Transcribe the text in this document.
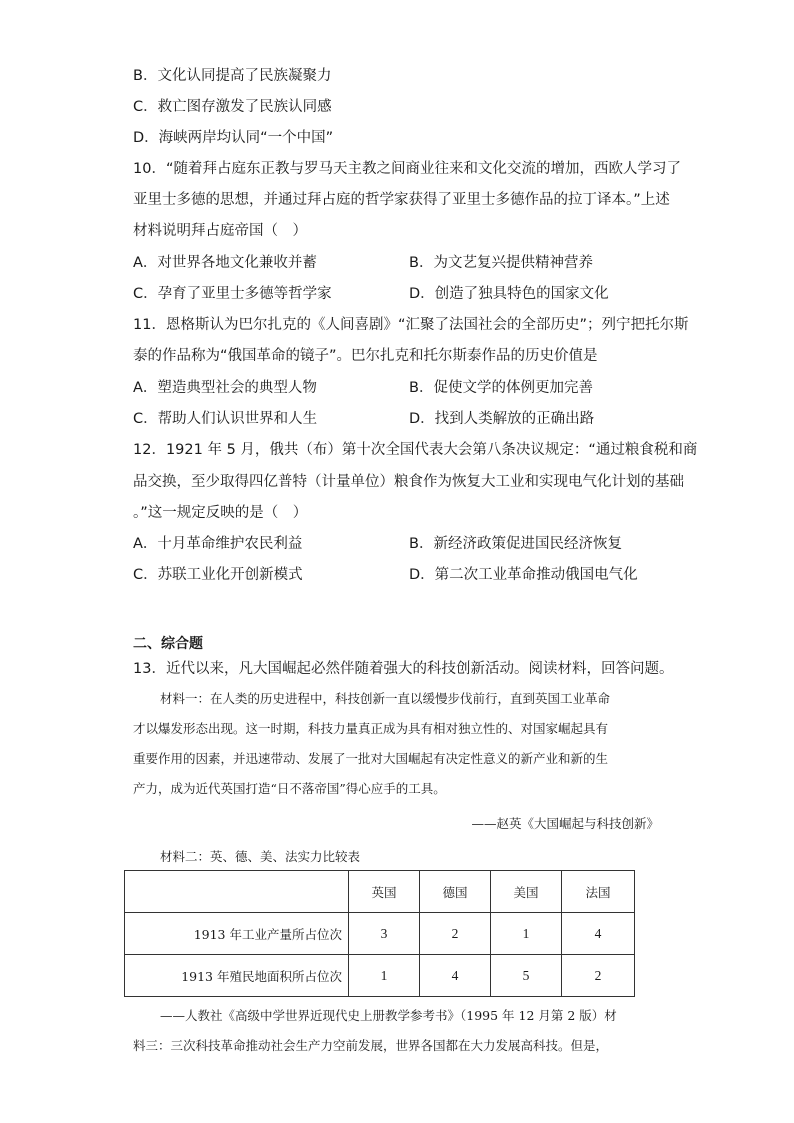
B．文化认同提高了民族凝聚力
C．救亡图存激发了民族认同感
D．海峡两岸均认同“一个中国”
10．“随着拜占庭东正教与罗马天主教之间商业往来和文化交流的增加，西欧人学习了
亚里士多德的思想，并通过拜占庭的哲学家获得了亚里士多德作品的拉丁译本。”上述
材料说明拜占庭帝国（　）
A．对世界各地文化兼收并蓄	B．为文艺复兴提供精神营养
C．孕育了亚里士多德等哲学家	D．创造了独具特色的国家文化
11．恩格斯认为巴尔扎克的《人间喜剧》“汇聚了法国社会的全部历史”；列宁把托尔斯
泰的作品称为“俄国革命的镜子”。巴尔扎克和托尔斯泰作品的历史价值是
A．塑造典型社会的典型人物	B．促使文学的体例更加完善
C．帮助人们认识世界和人生	D．找到人类解放的正确出路
12．1921 年 5 月，俄共（布）第十次全国代表大会第八条决议规定：“通过粮食税和商
品交换，至少取得四亿普特（计量单位）粮食作为恢复大工业和实现电气化计划的基础
。”这一规定反映的是（　）
A．十月革命维护农民利益	B．新经济政策促进国民经济恢复
C．苏联工业化开创新模式	D．第二次工业革命推动俄国电气化
二、综合题
13．近代以来，凡大国崛起必然伴随着强大的科技创新活动。阅读材料，回答问题。
材料一：在人类的历史进程中，科技创新一直以缓慢步伐前行，直到英国工业革命
才以爆发形态出现。这一时期，科技力量真正成为具有相对独立性的、对国家崛起具有
重要作用的因素，并迅速带动、发展了一批对大国崛起有决定性意义的新产业和新的生
产力，成为近代英国打造“日不落帝国”得心应手的工具。
——赵英《大国崛起与科技创新》
材料二：英、德、美、法实力比较表
	英国	德国	美国	法国
1913 年工业产量所占位次	3	2	1	4
1913 年殖民地面积所占位次	1	4	5	2
——人教社《高级中学世界近现代史上册教学参考书》（1995 年 12 月第 2 版）材
料三：三次科技革命推动社会生产力空前发展，世界各国都在大力发展高科技。但是，
